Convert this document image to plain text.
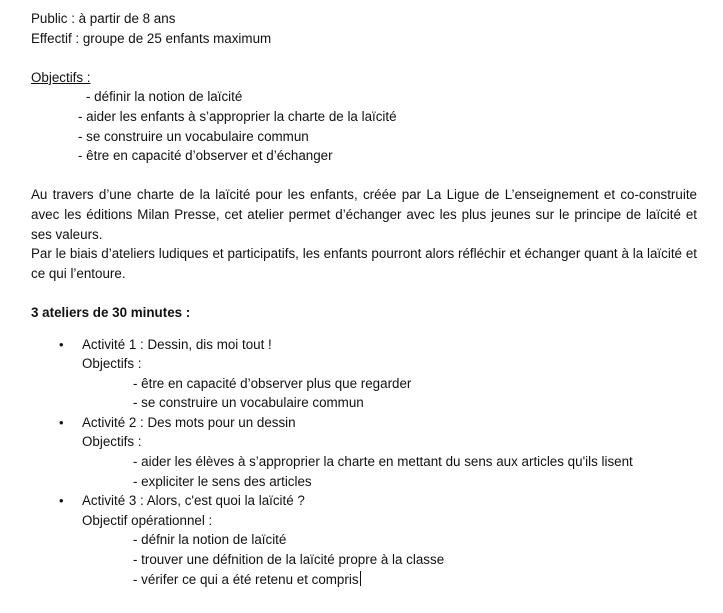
Public : à partir de 8 ans
Effectif : groupe de 25 enfants maximum
Objectifs :
- définir la notion de laïcité
- aider les enfants à s’approprier la charte de la laïcité
- se construire un vocabulaire commun
- être en capacité d’observer et d’échanger

Au travers d’une charte de la laïcité pour les enfants, créée par La Ligue de L’enseignement et co-construite avec les éditions Milan Presse, cet atelier permet d’échanger avec les plus jeunes sur le principe de laïcité et ses valeurs.

Par le biais d’ateliers ludiques et participatifs, les enfants pourront alors réfléchir et échanger quant à la laïcité et ce qui l’entoure.

3 ateliers de 30 minutes :
•	Activité 1 : Dessin, dis moi tout !
Objectifs :
- être en capacité d’observer plus que regarder
- se construire un vocabulaire commun
•	Activité 2 : Des mots pour un dessin
Objectifs :
- aider les élèves à s’approprier la charte en mettant du sens aux articles qu'ils lisent
- expliciter le sens des articles
•	Activité 3 : Alors, c'est quoi la laïcité ?
Objectif opérationnel :
- défnir la notion de laïcité
- trouver une défnition de la laïcité propre à la classe
- vérifer ce qui a été retenu et compris
